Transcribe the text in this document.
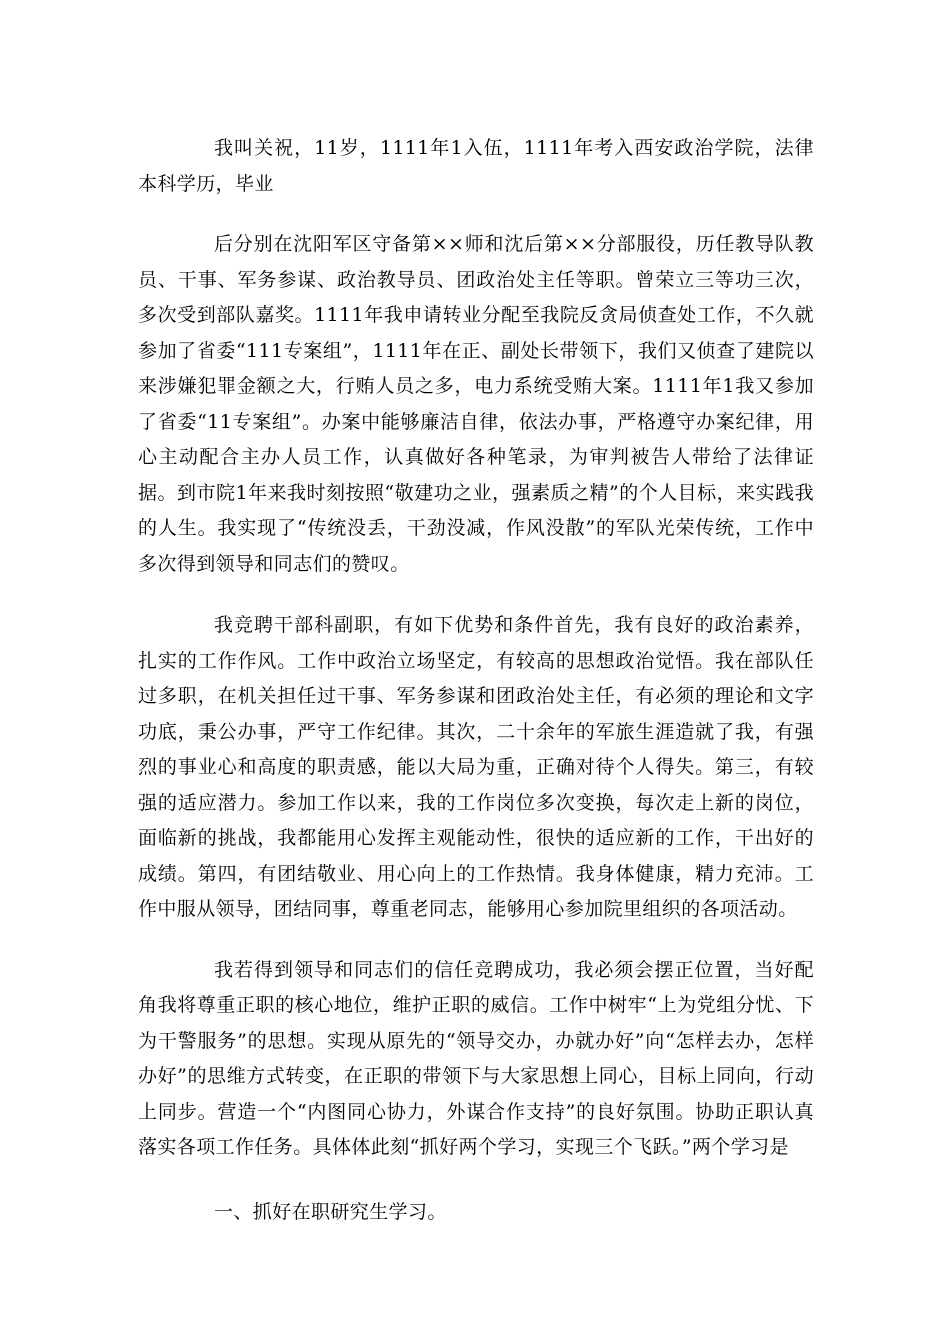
我叫关祝，11岁，1111年1入伍，1111年考入西安政治学院，法律本科学历，毕业

后分别在沈阳军区守备第××师和沈后第××分部服役，历任教导队教员、干事、军务参谋、政治教导员、团政治处主任等职。曾荣立三等功三次，多次受到部队嘉奖。1111年我申请转业分配至我院反贪局侦查处工作，不久就参加了省委“111专案组”，1111年在正、副处长带领下，我们又侦查了建院以来涉嫌犯罪金额之大，行贿人员之多，电力系统受贿大案。1111年1我又参加了省委“11专案组”。办案中能够廉洁自律，依法办事，严格遵守办案纪律，用心主动配合主办人员工作，认真做好各种笔录，为审判被告人带给了法律证据。到市院1年来我时刻按照“敬建功之业，强素质之精”的个人目标，来实践我的人生。我实现了“传统没丢，干劲没减，作风没散”的军队光荣传统，工作中多次得到领导和同志们的赞叹。

我竞聘干部科副职，有如下优势和条件首先，我有良好的政治素养，扎实的工作作风。工作中政治立场坚定，有较高的思想政治觉悟。我在部队任过多职，在机关担任过干事、军务参谋和团政治处主任，有必须的理论和文字功底，秉公办事，严守工作纪律。其次，二十余年的军旅生涯造就了我，有强烈的事业心和高度的职责感，能以大局为重，正确对待个人得失。第三，有较强的适应潜力。参加工作以来，我的工作岗位多次变换，每次走上新的岗位，面临新的挑战，我都能用心发挥主观能动性，很快的适应新的工作，干出好的成绩。第四，有团结敬业、用心向上的工作热情。我身体健康，精力充沛。工作中服从领导，团结同事，尊重老同志，能够用心参加院里组织的各项活动。

我若得到领导和同志们的信任竞聘成功，我必须会摆正位置，当好配角我将尊重正职的核心地位，维护正职的威信。工作中树牢“上为党组分忧、下为干警服务”的思想。实现从原先的“领导交办，办就办好”向“怎样去办，怎样办好”的思维方式转变，在正职的带领下与大家思想上同心，目标上同向，行动上同步。营造一个“内图同心协力，外谋合作支持”的良好氛围。协助正职认真落实各项工作任务。具体体此刻“抓好两个学习，实现三个飞跃。”两个学习是

一、抓好在职研究生学习。
